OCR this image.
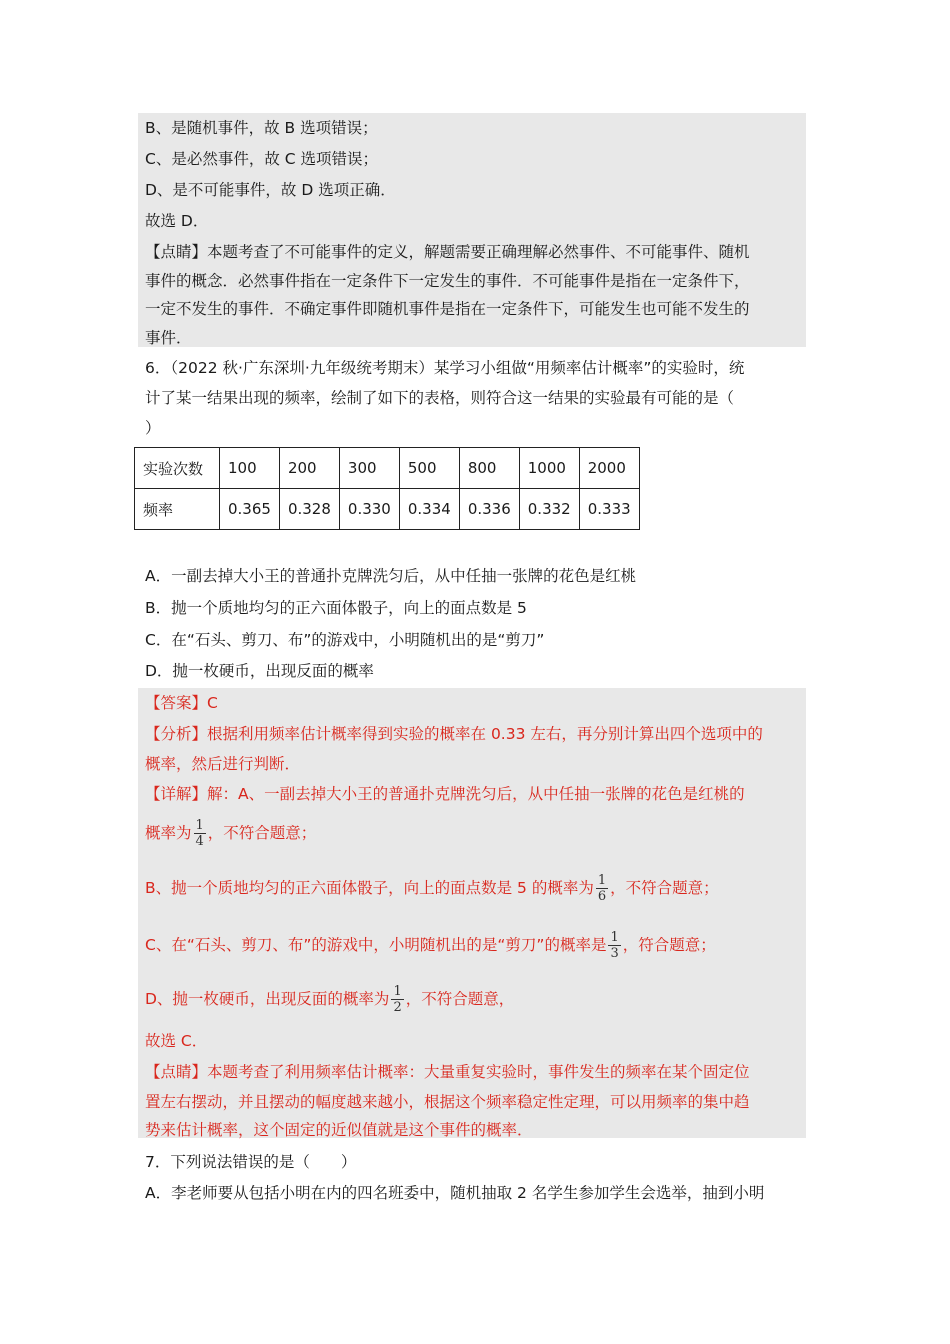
B、是随机事件，故 B 选项错误；
C、是必然事件，故 C 选项错误；
D、是不可能事件，故 D 选项正确．
故选 D．
【点睛】本题考查了不可能事件的定义，解题需要正确理解必然事件、不可能事件、随机
事件的概念．必然事件指在一定条件下一定发生的事件．不可能事件是指在一定条件下，
一定不发生的事件．不确定事件即随机事件是指在一定条件下，可能发生也可能不发生的
事件．
6．（2022 秋·广东深圳·九年级统考期末）某学习小组做“用频率估计概率”的实验时，统
计了某一结果出现的频率，绘制了如下的表格，则符合这一结果的实验最有可能的是（
）
实验次数	100	200	300	500	800	1000	2000
频率	0.365	0.328	0.330	0.334	0.336	0.332	0.333
A．一副去掉大小王的普通扑克牌洗匀后，从中任抽一张牌的花色是红桃
B．抛一个质地均匀的正六面体骰子，向上的面点数是 5
C．在“石头、剪刀、布”的游戏中，小明随机出的是“剪刀”
D．抛一枚硬币，出现反面的概率
【答案】C
【分析】根据利用频率估计概率得到实验的概率在 0.33 左右，再分别计算出四个选项中的
概率，然后进行判断．
【详解】解：A、一副去掉大小王的普通扑克牌洗匀后，从中任抽一张牌的花色是红桃的
概率为 $\frac{1}{4}$ ，不符合题意；
B、抛一个质地均匀的正六面体骰子，向上的面点数是 5 的概率为 $\frac{1}{6}$ ，不符合题意；
C、在“石头、剪刀、布”的游戏中，小明随机出的是“剪刀”的概率是 $\frac{1}{3}$ ，符合题意；
D、抛一枚硬币，出现反面的概率为 $\frac{1}{2}$ ，不符合题意，
故选 C．
【点睛】本题考查了利用频率估计概率：大量重复实验时，事件发生的频率在某个固定位
置左右摆动，并且摆动的幅度越来越小，根据这个频率稳定性定理，可以用频率的集中趋
势来估计概率，这个固定的近似值就是这个事件的概率．
7．下列说法错误的是（　　）
A．李老师要从包括小明在内的四名班委中，随机抽取 2 名学生参加学生会选举，抽到小明
